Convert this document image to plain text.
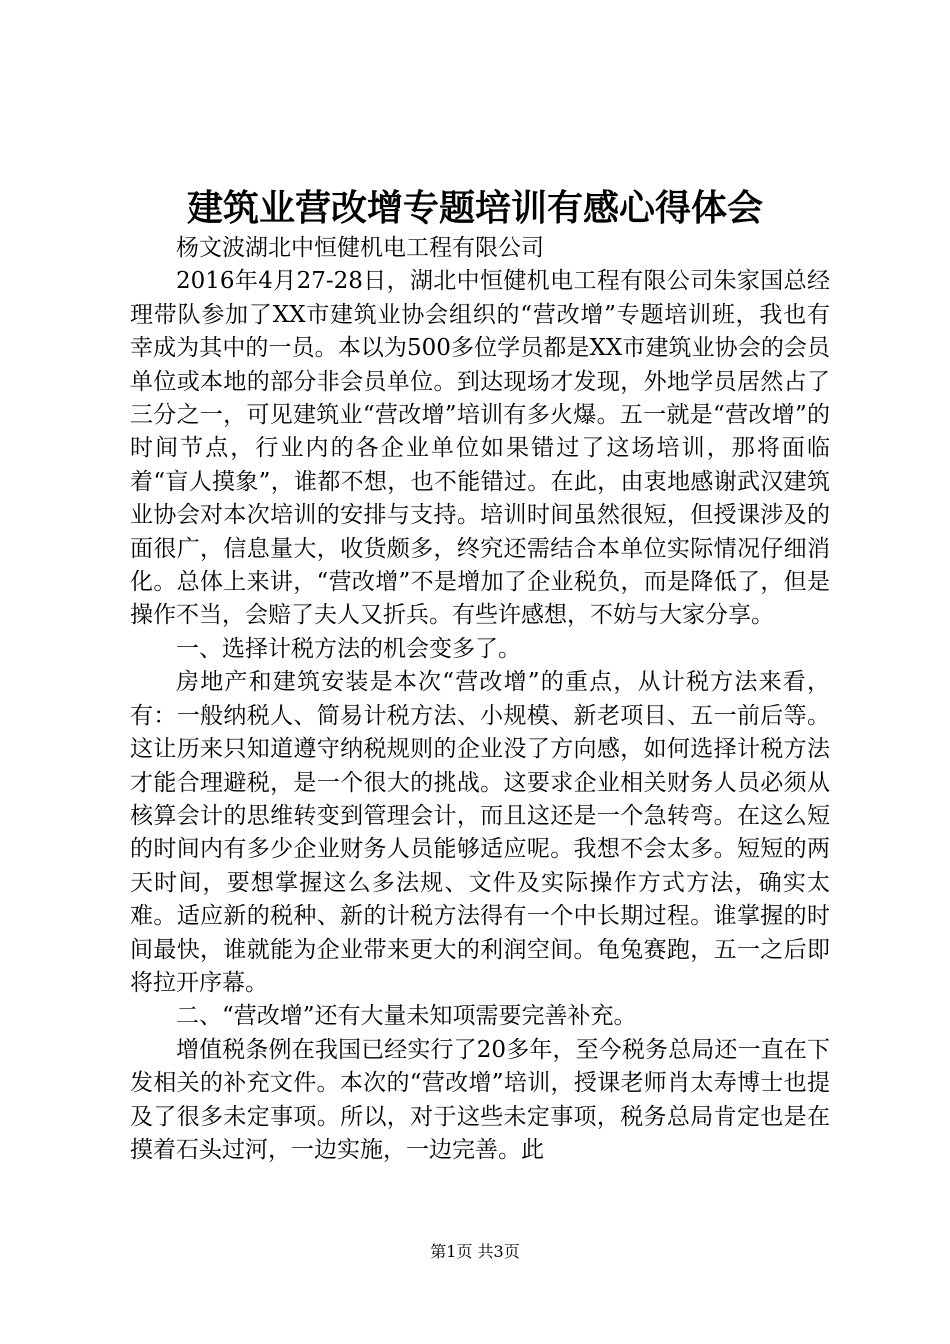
建筑业营改增专题培训有感心得体会

杨文波湖北中恒健机电工程有限公司

2016年4月27-28日，湖北中恒健机电工程有限公司朱家国总经理带队参加了XX市建筑业协会组织的“营改增”专题培训班，我也有幸成为其中的一员。本以为500多位学员都是XX市建筑业协会的会员单位或本地的部分非会员单位。到达现场才发现，外地学员居然占了三分之一，可见建筑业“营改增”培训有多火爆。五一就是“营改增”的时间节点，行业内的各企业单位如果错过了这场培训，那将面临着“盲人摸象”，谁都不想，也不能错过。在此，由衷地感谢武汉建筑业协会对本次培训的安排与支持。培训时间虽然很短，但授课涉及的面很广，信息量大，收货颇多，终究还需结合本单位实际情况仔细消化。总体上来讲，“营改增”不是增加了企业税负，而是降低了，但是操作不当，会赔了夫人又折兵。有些许感想，不妨与大家分享。

一、选择计税方法的机会变多了。

房地产和建筑安装是本次“营改增”的重点，从计税方法来看，有：一般纳税人、简易计税方法、小规模、新老项目、五一前后等。这让历来只知道遵守纳税规则的企业没了方向感，如何选择计税方法才能合理避税，是一个很大的挑战。这要求企业相关财务人员必须从核算会计的思维转变到管理会计，而且这还是一个急转弯。在这么短的时间内有多少企业财务人员能够适应呢。我想不会太多。短短的两天时间，要想掌握这么多法规、文件及实际操作方式方法，确实太难。适应新的税种、新的计税方法得有一个中长期过程。谁掌握的时间最快，谁就能为企业带来更大的利润空间。龟兔赛跑，五一之后即将拉开序幕。

二、“营改增”还有大量未知项需要完善补充。

增值税条例在我国已经实行了20多年，至今税务总局还一直在下发相关的补充文件。本次的“营改增”培训，授课老师肖太寿博士也提及了很多未定事项。所以，对于这些未定事项，税务总局肯定也是在摸着石头过河，一边实施，一边完善。此

第1页 共3页
